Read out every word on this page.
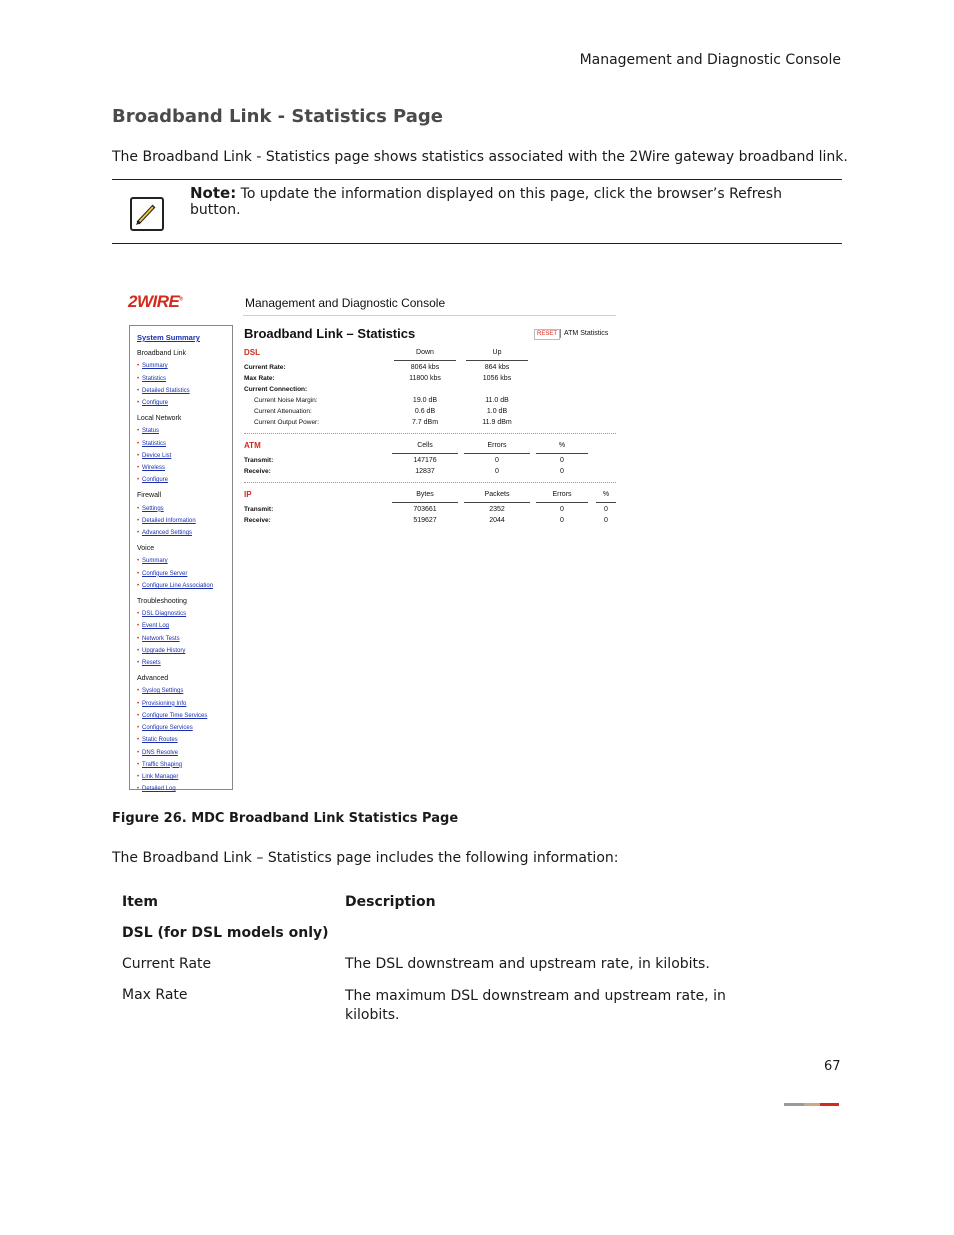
Management and Diagnostic Console
Broadband Link - Statistics Page
The Broadband Link - Statistics page shows statistics associated with the 2Wire gateway broadband link.
Note: To update the information displayed on this page, click the browser’s Refresh button.
2WIRE®	Management and Diagnostic Console
System Summary
Broadband Link
• Summary
• Statistics
• Detailed Statistics
• Configure
Local Network
• Status
• Statistics
• Device List
• Wireless
• Configure
Firewall
• Settings
• Detailed Information
• Advanced Settings
Voice
• Summary
• Configure Server
• Configure Line Association
Troubleshooting
• DSL Diagnostics
• Event Log
• Network Tests
• Upgrade History
• Resets
Advanced
• Syslog Settings
• Provisioning Info
• Configure Time Services
• Configure Services
• Static Routes
• DNS Resolve
• Traffic Shaping
• Link Manager
• Detailed Log
Broadband Link – Statistics	RESET ATM Statistics
DSL	Down	Up
Current Rate:	8064 kbs	864 kbs
Max Rate:	11800 kbs	1056 kbs
Current Connection:
Current Noise Margin:	19.0 dB	11.0 dB
Current Attenuation:	0.6 dB	1.0 dB
Current Output Power:	7.7 dBm	11.9 dBm
ATM	Cells	Errors	%
Transmit:	147176	0	0
Receive:	12837	0	0
IP	Bytes	Packets	Errors	%
Transmit:	703661	2352	0	0
Receive:	519627	2044	0	0
Figure 26. MDC Broadband Link Statistics Page
The Broadband Link – Statistics page includes the following information:
Item	Description
DSL (for DSL models only)
Current Rate	The DSL downstream and upstream rate, in kilobits.
Max Rate	The maximum DSL downstream and upstream rate, in kilobits.
67
